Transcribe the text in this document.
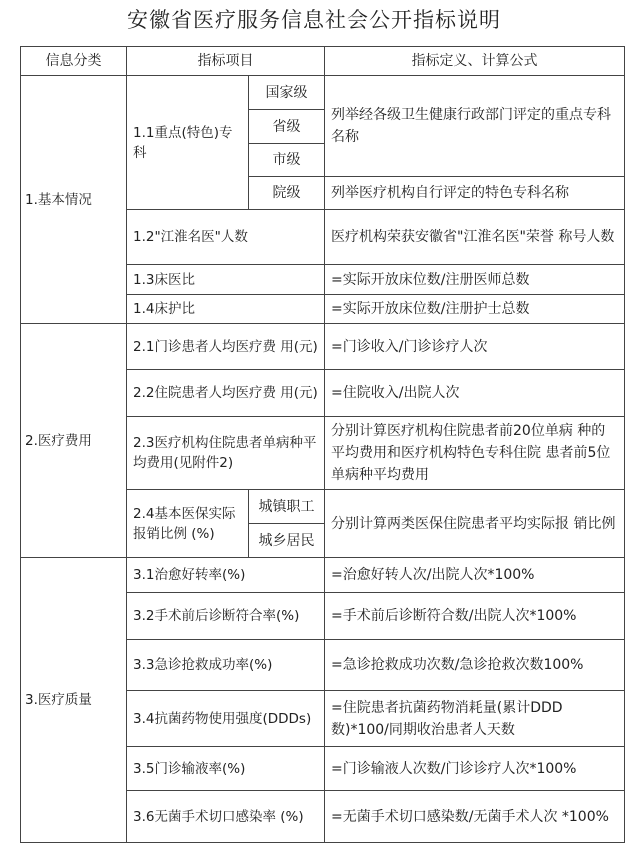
安徽省医疗服务信息社会公开指标说明
信息分类	指标项目		指标定义、计算公式
1.基本情况	1.1重点(特色)专科	国家级	列举经各级卫生健康行政部门评定的重点专科名称
		省级	
		市级	
		院级	列举医疗机构自行评定的特色专科名称
	1.2"江淮名医"人数		医疗机构荣获安徽省"江淮名医"荣誉 称号人数
	1.3床医比		=实际开放床位数/注册医师总数
	1.4床护比		=实际开放床位数/注册护士总数
2.医疗费用	2.1门诊患者人均医疗费 用(元)		=门诊收入/门诊诊疗人次
	2.2住院患者人均医疗费 用(元)		=住院收入/出院人次
	2.3医疗机构住院患者单病种平均费用(见附件2)		分别计算医疗机构住院患者前20位单病 种的平均费用和医疗机构特色专科住院 患者前5位单病种平均费用
	2.4基本医保实际报销比例 (%)	城镇职工	分别计算两类医保住院患者平均实际报 销比例
		城乡居民	
3.医疗质量	3.1治愈好转率(%)		=治愈好转人次/出院人次*100%
	3.2手术前后诊断符合率(%)		=手术前后诊断符合数/出院人次*100%
	3.3急诊抢救成功率(%)		=急诊抢救成功次数/急诊抢救次数100%
	3.4抗菌药物使用强度(DDDs)		=住院患者抗菌药物消耗量(累计DDD数)*100/同期收治患者人天数
	3.5门诊输液率(%)		=门诊输液人次数/门诊诊疗人次*100%
	3.6无菌手术切口感染率 (%)		=无菌手术切口感染数/无菌手术人次 *100%
